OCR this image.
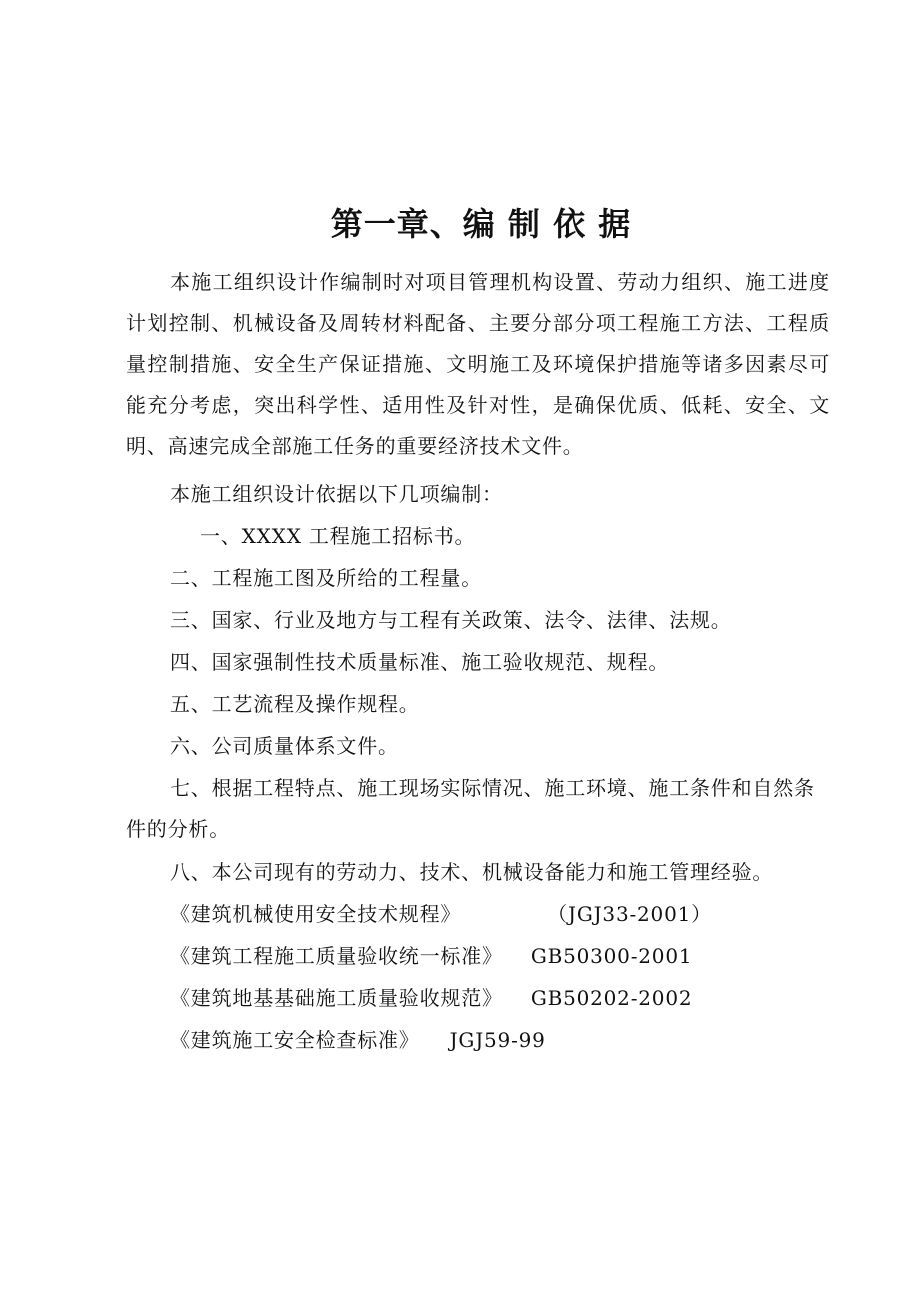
第一章、编 制 依 据
本施工组织设计作编制时对项目管理机构设置、劳动力组织、施工进度计划控制、机械设备及周转材料配备、主要分部分项工程施工方法、工程质量控制措施、安全生产保证措施、文明施工及环境保护措施等诸多因素尽可能充分考虑，突出科学性、适用性及针对性，是确保优质、低耗、安全、文明、高速完成全部施工任务的重要经济技术文件。
本施工组织设计依据以下几项编制：
一、XXXX 工程施工招标书。
二、工程施工图及所给的工程量。
三、国家、行业及地方与工程有关政策、法令、法律、法规。
四、国家强制性技术质量标准、施工验收规范、规程。
五、工艺流程及操作规程。
六、公司质量体系文件。
七、根据工程特点、施工现场实际情况、施工环境、施工条件和自然条件的分析。
八、本公司现有的劳动力、技术、机械设备能力和施工管理经验。
《建筑机械使用安全技术规程》	（JGJ33-2001）
《建筑工程施工质量验收统一标准》 GB50300-2001
《建筑地基基础施工质量验收规范》 GB50202-2002
《建筑施工安全检查标准》 JGJ59-99
